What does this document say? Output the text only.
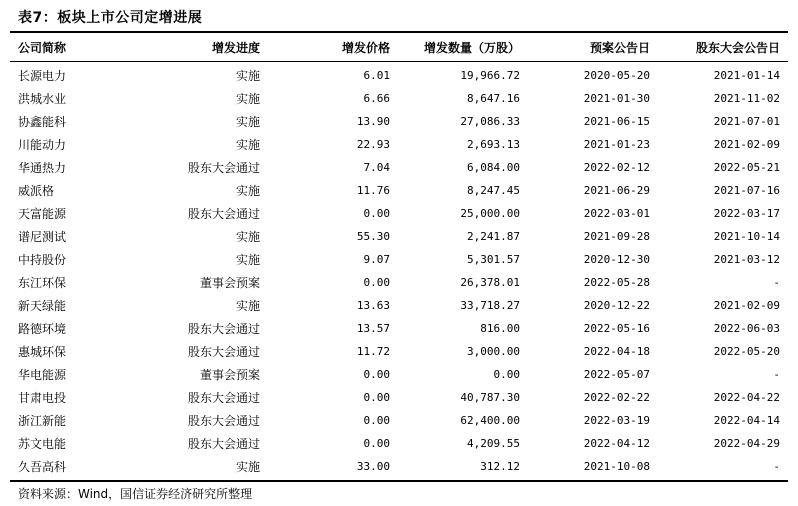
表7：板块上市公司定增进展
公司简称	增发进度	增发价格	增发数量（万股）	预案公告日	股东大会公告日
长源电力	实施	6.01	19,966.72	2020-05-20	2021-01-14
洪城水业	实施	6.66	8,647.16	2021-01-30	2021-11-02
协鑫能科	实施	13.90	27,086.33	2021-06-15	2021-07-01
川能动力	实施	22.93	2,693.13	2021-01-23	2021-02-09
华通热力	股东大会通过	7.04	6,084.00	2022-02-12	2022-05-21
威派格	实施	11.76	8,247.45	2021-06-29	2021-07-16
天富能源	股东大会通过	0.00	25,000.00	2022-03-01	2022-03-17
谱尼测试	实施	55.30	2,241.87	2021-09-28	2021-10-14
中持股份	实施	9.07	5,301.57	2020-12-30	2021-03-12
东江环保	董事会预案	0.00	26,378.01	2022-05-28	-
新天绿能	实施	13.63	33,718.27	2020-12-22	2021-02-09
路德环境	股东大会通过	13.57	816.00	2022-05-16	2022-06-03
惠城环保	股东大会通过	11.72	3,000.00	2022-04-18	2022-05-20
华电能源	董事会预案	0.00	0.00	2022-05-07	-
甘肃电投	股东大会通过	0.00	40,787.30	2022-02-22	2022-04-22
浙江新能	股东大会通过	0.00	62,400.00	2022-03-19	2022-04-14
苏文电能	股东大会通过	0.00	4,209.55	2022-04-12	2022-04-29
久吾高科	实施	33.00	312.12	2021-10-08	-
资料来源：Wind，国信证券经济研究所整理
